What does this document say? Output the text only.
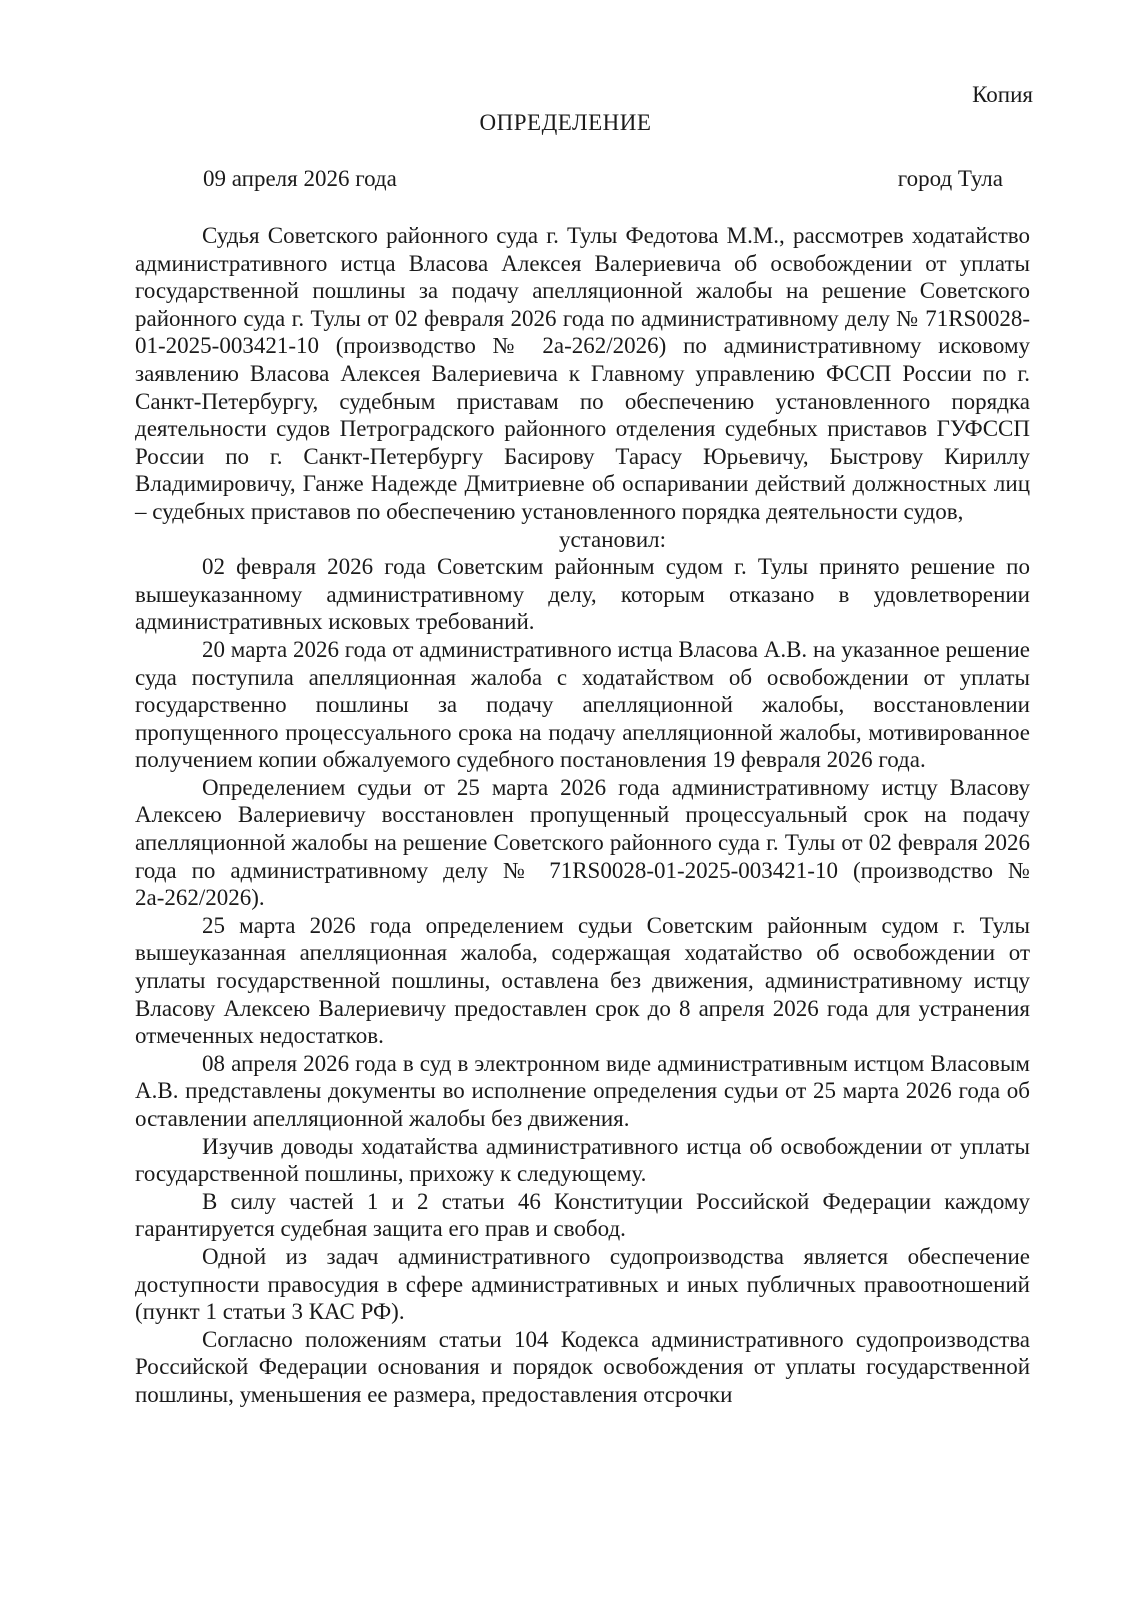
Копия
ОПРЕДЕЛЕНИЕ
09 апреля 2026 года	город Тула

Судья Советского районного суда г. Тулы Федотова М.М., рассмотрев ходатайство административного истца Власова Алексея Валериевича об освобождении от уплаты государственной пошлины за подачу апелляционной жалобы на решение Советского районного суда г. Тулы от 02 февраля 2026 года по административному делу № 71RS0028-01-2025-003421-10 (производство № 2а-262/2026) по административному исковому заявлению Власова Алексея Валериевича к Главному управлению ФССП России по г. Санкт-Петербургу, судебным приставам по обеспечению установленного порядка деятельности судов Петроградского районного отделения судебных приставов ГУФССП России по г. Санкт-Петербургу Басирову Тарасу Юрьевичу, Быстрову Кириллу Владимировичу, Ганже Надежде Дмитриевне об оспаривании действий должностных лиц – судебных приставов по обеспечению установленного порядка деятельности судов,

установил:

02 февраля 2026 года Советским районным судом г. Тулы принято решение по вышеуказанному административному делу, которым отказано в удовлетворении административных исковых требований.

20 марта 2026 года от административного истца Власова А.В. на указанное решение суда поступила апелляционная жалоба с ходатайством об освобождении от уплаты государственно пошлины за подачу апелляционной жалобы, восстановлении пропущенного процессуального срока на подачу апелляционной жалобы, мотивированное получением копии обжалуемого судебного постановления 19 февраля 2026 года.

Определением судьи от 25 марта 2026 года административному истцу Власову Алексею Валериевичу восстановлен пропущенный процессуальный срок на подачу апелляционной жалобы на решение Советского районного суда г. Тулы от 02 февраля 2026 года по административному делу № 71RS0028-01-2025-003421-10 (производство № 2а-262/2026).

25 марта 2026 года определением судьи Советским районным судом г. Тулы вышеуказанная апелляционная жалоба, содержащая ходатайство об освобождении от уплаты государственной пошлины, оставлена без движения, административному истцу Власову Алексею Валериевичу предоставлен срок до 8 апреля 2026 года для устранения отмеченных недостатков.

08 апреля 2026 года в суд в электронном виде административным истцом Власовым А.В. представлены документы во исполнение определения судьи от 25 марта 2026 года об оставлении апелляционной жалобы без движения.

Изучив доводы ходатайства административного истца об освобождении от уплаты государственной пошлины, прихожу к следующему.

В силу частей 1 и 2 статьи 46 Конституции Российской Федерации каждому гарантируется судебная защита его прав и свобод.

Одной из задач административного судопроизводства является обеспечение доступности правосудия в сфере административных и иных публичных правоотношений (пункт 1 статьи 3 КАС РФ).

Согласно положениям статьи 104 Кодекса административного судопроизводства Российской Федерации основания и порядок освобождения от уплаты государственной пошлины, уменьшения ее размера, предоставления отсрочки
